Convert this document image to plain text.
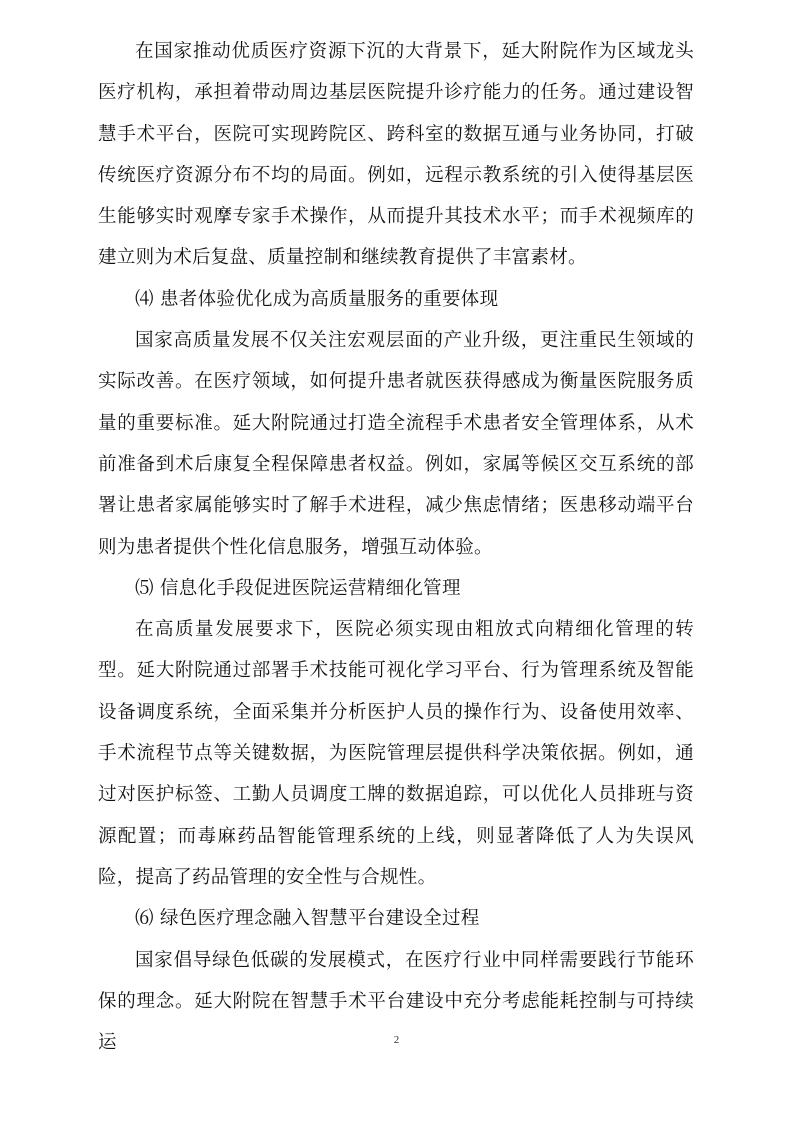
在国家推动优质医疗资源下沉的大背景下，延大附院作为区域龙头医疗机构，承担着带动周边基层医院提升诊疗能力的任务。通过建设智慧手术平台，医院可实现跨院区、跨科室的数据互通与业务协同，打破传统医疗资源分布不均的局面。例如，远程示教系统的引入使得基层医生能够实时观摩专家手术操作，从而提升其技术水平；而手术视频库的建立则为术后复盘、质量控制和继续教育提供了丰富素材。

⑷ 患者体验优化成为高质量服务的重要体现

国家高质量发展不仅关注宏观层面的产业升级，更注重民生领域的实际改善。在医疗领域，如何提升患者就医获得感成为衡量医院服务质量的重要标准。延大附院通过打造全流程手术患者安全管理体系，从术前准备到术后康复全程保障患者权益。例如，家属等候区交互系统的部署让患者家属能够实时了解手术进程，减少焦虑情绪；医患移动端平台则为患者提供个性化信息服务，增强互动体验。

⑸ 信息化手段促进医院运营精细化管理

在高质量发展要求下，医院必须实现由粗放式向精细化管理的转型。延大附院通过部署手术技能可视化学习平台、行为管理系统及智能设备调度系统，全面采集并分析医护人员的操作行为、设备使用效率、手术流程节点等关键数据，为医院管理层提供科学决策依据。例如，通过对医护标签、工勤人员调度工牌的数据追踪，可以优化人员排班与资源配置；而毒麻药品智能管理系统的上线，则显著降低了人为失误风险，提高了药品管理的安全性与合规性。

⑹ 绿色医疗理念融入智慧平台建设全过程

国家倡导绿色低碳的发展模式，在医疗行业中同样需要践行节能环保的理念。延大附院在智慧手术平台建设中充分考虑能耗控制与可持续运	2
